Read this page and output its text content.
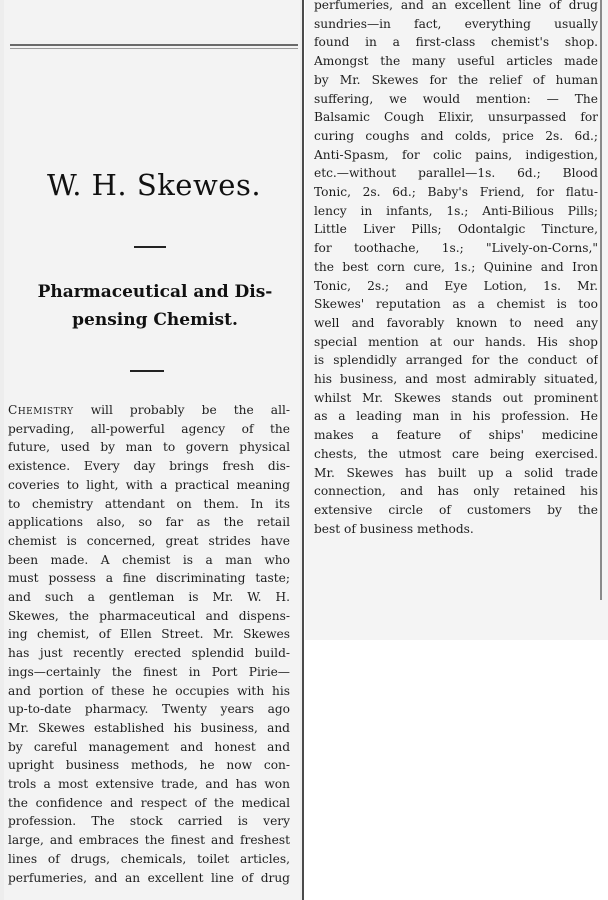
W. H. Skewes.
Pharmaceutical and Dis-
pensing Chemist.
Chemistry will probably be the all-
pervading, all-powerful agency of the
future, used by man to govern physical
existence. Every day brings fresh dis-
coveries to light, with a practical meaning
to chemistry attendant on them. In its
applications also, so far as the retail
chemist is concerned, great strides have
been made. A chemist is a man who
must possess a fine discriminating taste;
and such a gentleman is Mr. W. H.
Skewes, the pharmaceutical and dispens-
ing chemist, of Ellen Street. Mr. Skewes
has just recently erected splendid build-
ings—certainly the finest in Port Pirie—
and portion of these he occupies with his
up-to-date pharmacy. Twenty years ago
Mr. Skewes established his business, and
by careful management and honest and
upright business methods, he now con-
trols a most extensive trade, and has won
the confidence and respect of the medical
profession. The stock carried is very
large, and embraces the finest and freshest
lines of drugs, chemicals, toilet articles,
perfumeries, and an excellent line of drug
perfumeries, and an excellent line of drug
sundries—in fact, everything usually
found in a first-class chemist's shop.
Amongst the many useful articles made
by Mr. Skewes for the relief of human
suffering, we would mention: — The
Balsamic Cough Elixir, unsurpassed for
curing coughs and colds, price 2s. 6d.;
Anti-Spasm, for colic pains, indigestion,
etc.—without parallel—1s. 6d.; Blood
Tonic, 2s. 6d.; Baby's Friend, for flatu-
lency in infants, 1s.; Anti-Bilious Pills;
Little Liver Pills; Odontalgic Tincture,
for toothache, 1s.; "Lively-on-Corns,"
the best corn cure, 1s.; Quinine and Iron
Tonic, 2s.; and Eye Lotion, 1s. Mr.
Skewes' reputation as a chemist is too
well and favorably known to need any
special mention at our hands. His shop
is splendidly arranged for the conduct of
his business, and most admirably situated,
whilst Mr. Skewes stands out prominent
as a leading man in his profession. He
makes a feature of ships' medicine
chests, the utmost care being exercised.
Mr. Skewes has built up a solid trade
connection, and has only retained his
extensive circle of customers by the
best of business methods.
